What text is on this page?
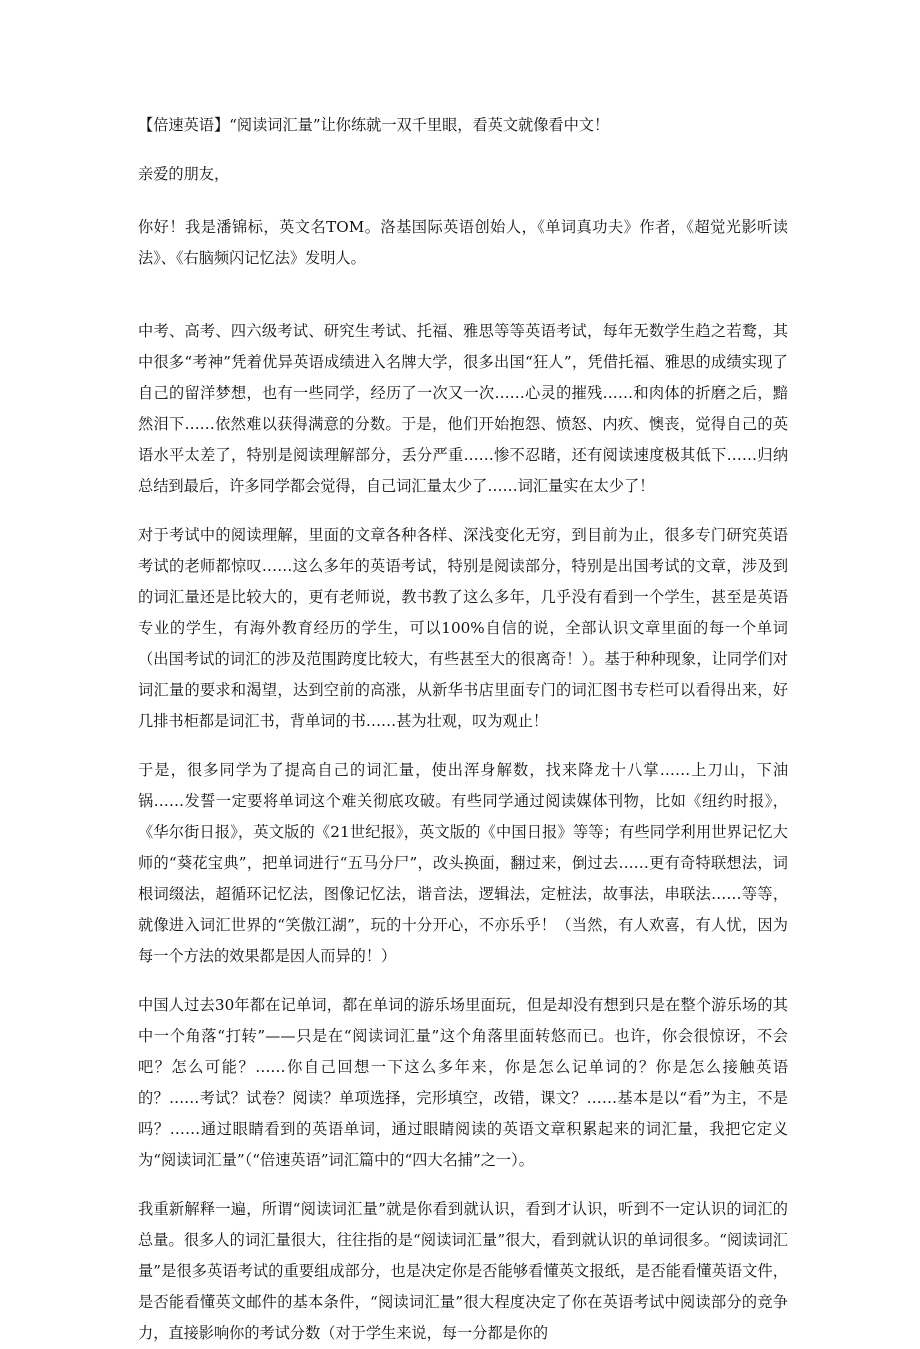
【倍速英语】“阅读词汇量”让你练就一双千里眼，看英文就像看中文！

亲爱的朋友，

你好！我是潘锦标，英文名TOM。洛基国际英语创始人，《单词真功夫》作者，《超觉光影听读法》、《右脑频闪记忆法》发明人。

中考、高考、四六级考试、研究生考试、托福、雅思等等英语考试，每年无数学生趋之若鹜，其中很多“考神”凭着优异英语成绩进入名牌大学，很多出国“狂人”，凭借托福、雅思的成绩实现了自己的留洋梦想，也有一些同学，经历了一次又一次……心灵的摧残……和肉体的折磨之后，黯然泪下……依然难以获得满意的分数。于是，他们开始抱怨、愤怒、内疚、懊丧，觉得自己的英语水平太差了，特别是阅读理解部分，丢分严重……惨不忍睹，还有阅读速度极其低下……归纳总结到最后，许多同学都会觉得，自己词汇量太少了……词汇量实在太少了！

对于考试中的阅读理解，里面的文章各种各样、深浅变化无穷，到目前为止，很多专门研究英语考试的老师都惊叹……这么多年的英语考试，特别是阅读部分，特别是出国考试的文章，涉及到的词汇量还是比较大的，更有老师说，教书教了这么多年，几乎没有看到一个学生，甚至是英语专业的学生，有海外教育经历的学生，可以100%自信的说，全部认识文章里面的每一个单词（出国考试的词汇的涉及范围跨度比较大，有些甚至大的很离奇！）。基于种种现象，让同学们对词汇量的要求和渴望，达到空前的高涨，从新华书店里面专门的词汇图书专栏可以看得出来，好几排书柜都是词汇书，背单词的书……甚为壮观，叹为观止！

于是，很多同学为了提高自己的词汇量，使出浑身解数，找来降龙十八掌……上刀山，下油锅……发誓一定要将单词这个难关彻底攻破。有些同学通过阅读媒体刊物，比如《纽约时报》，《华尔街日报》，英文版的《21世纪报》，英文版的《中国日报》等等；有些同学利用世界记忆大师的“葵花宝典”，把单词进行“五马分尸”，改头换面，翻过来，倒过去……更有奇特联想法，词根词缀法，超循环记忆法，图像记忆法，谐音法，逻辑法，定桩法，故事法，串联法……等等，就像进入词汇世界的“笑傲江湖”，玩的十分开心，不亦乐乎！（当然，有人欢喜，有人忧，因为每一个方法的效果都是因人而异的！）

中国人过去30年都在记单词，都在单词的游乐场里面玩，但是却没有想到只是在整个游乐场的其中一个角落“打转”——只是在“阅读词汇量”这个角落里面转悠而已。也许，你会很惊讶，不会吧？怎么可能？……你自己回想一下这么多年来，你是怎么记单词的？你是怎么接触英语的？……考试？试卷？阅读？单项选择，完形填空，改错，课文？……基本是以“看”为主，不是吗？……通过眼睛看到的英语单词，通过眼睛阅读的英语文章积累起来的词汇量，我把它定义为“阅读词汇量”（“倍速英语”词汇篇中的“四大名捕”之一）。

我重新解释一遍，所谓“阅读词汇量”就是你看到就认识，看到才认识，听到不一定认识的词汇的总量。很多人的词汇量很大，往往指的是“阅读词汇量”很大，看到就认识的单词很多。“阅读词汇量”是很多英语考试的重要组成部分，也是决定你是否能够看懂英文报纸，是否能看懂英语文件，是否能看懂英文邮件的基本条件，“阅读词汇量”很大程度决定了你在英语考试中阅读部分的竞争力，直接影响你的考试分数（对于学生来说，每一分都是你的
